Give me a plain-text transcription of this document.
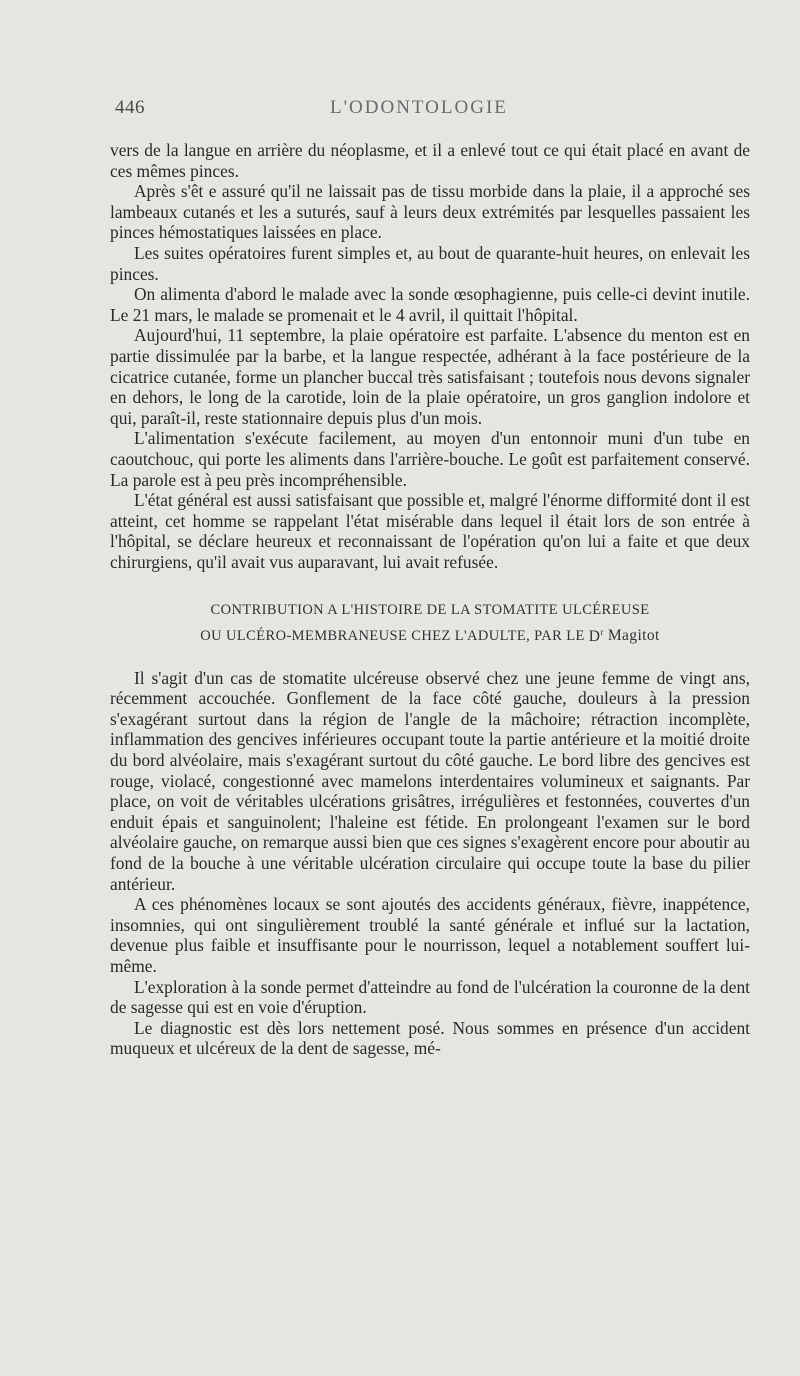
446	L'ODONTOLOGIE

vers de la langue en arrière du néoplasme, et il a enlevé tout ce qui était placé en avant de ces mêmes pinces.

Après s'êt e assuré qu'il ne laissait pas de tissu morbide dans la plaie, il a approché ses lambeaux cutanés et les a suturés, sauf à leurs deux extrémités par lesquelles passaient les pinces hémostatiques laissées en place.

Les suites opératoires furent simples et, au bout de quarante-huit heures, on enlevait les pinces.

On alimenta d'abord le malade avec la sonde œsophagienne, puis celle-ci devint inutile. Le 21 mars, le malade se promenait et le 4 avril, il quittait l'hôpital.

Aujourd'hui, 11 septembre, la plaie opératoire est parfaite. L'absence du menton est en partie dissimulée par la barbe, et la langue respectée, adhérant à la face postérieure de la cicatrice cutanée, forme un plancher buccal très satisfaisant ; toutefois nous devons signaler en dehors, le long de la carotide, loin de la plaie opératoire, un gros ganglion indolore et qui, paraît-il, reste stationnaire depuis plus d'un mois.

L'alimentation s'exécute facilement, au moyen d'un entonnoir muni d'un tube en caoutchouc, qui porte les aliments dans l'arrière-bouche. Le goût est parfaitement conservé. La parole est à peu près incompréhensible.

L'état général est aussi satisfaisant que possible et, malgré l'énorme difformité dont il est atteint, cet homme se rappelant l'état misérable dans lequel il était lors de son entrée à l'hôpital, se déclare heureux et reconnaissant de l'opération qu'on lui a faite et que deux chirurgiens, qu'il avait vus auparavant, lui avait refusée.

CONTRIBUTION A L'HISTOIRE DE LA STOMATITE ULCÉREUSE
OU ULCÉRO-MEMBRANEUSE CHEZ L'ADULTE, PAR LE $D^r$ Magitot

Il s'agit d'un cas de stomatite ulcéreuse observé chez une jeune femme de vingt ans, récemment accouchée. Gonflement de la face côté gauche, douleurs à la pression s'exagérant surtout dans la région de l'angle de la mâchoire; rétraction incomplète, inflammation des gencives inférieures occupant toute la partie antérieure et la moitié droite du bord alvéolaire, mais s'exagérant surtout du côté gauche. Le bord libre des gencives est rouge, violacé, congestionné avec mamelons interdentaires volumineux et saignants. Par place, on voit de véritables ulcérations grisâtres, irrégulières et festonnées, couvertes d'un enduit épais et sanguinolent; l'haleine est fétide. En prolongeant l'examen sur le bord alvéolaire gauche, on remarque aussi bien que ces signes s'exagèrent encore pour aboutir au fond de la bouche à une véritable ulcération circulaire qui occupe toute la base du pilier antérieur.

A ces phénomènes locaux se sont ajoutés des accidents généraux, fièvre, inappétence, insomnies, qui ont singulièrement troublé la santé générale et influé sur la lactation, devenue plus faible et insuffisante pour le nourrisson, lequel a notablement souffert lui-même.

L'exploration à la sonde permet d'atteindre au fond de l'ulcération la couronne de la dent de sagesse qui est en voie d'éruption.

Le diagnostic est dès lors nettement posé. Nous sommes en présence d'un accident muqueux et ulcéreux de la dent de sagesse, mé-
